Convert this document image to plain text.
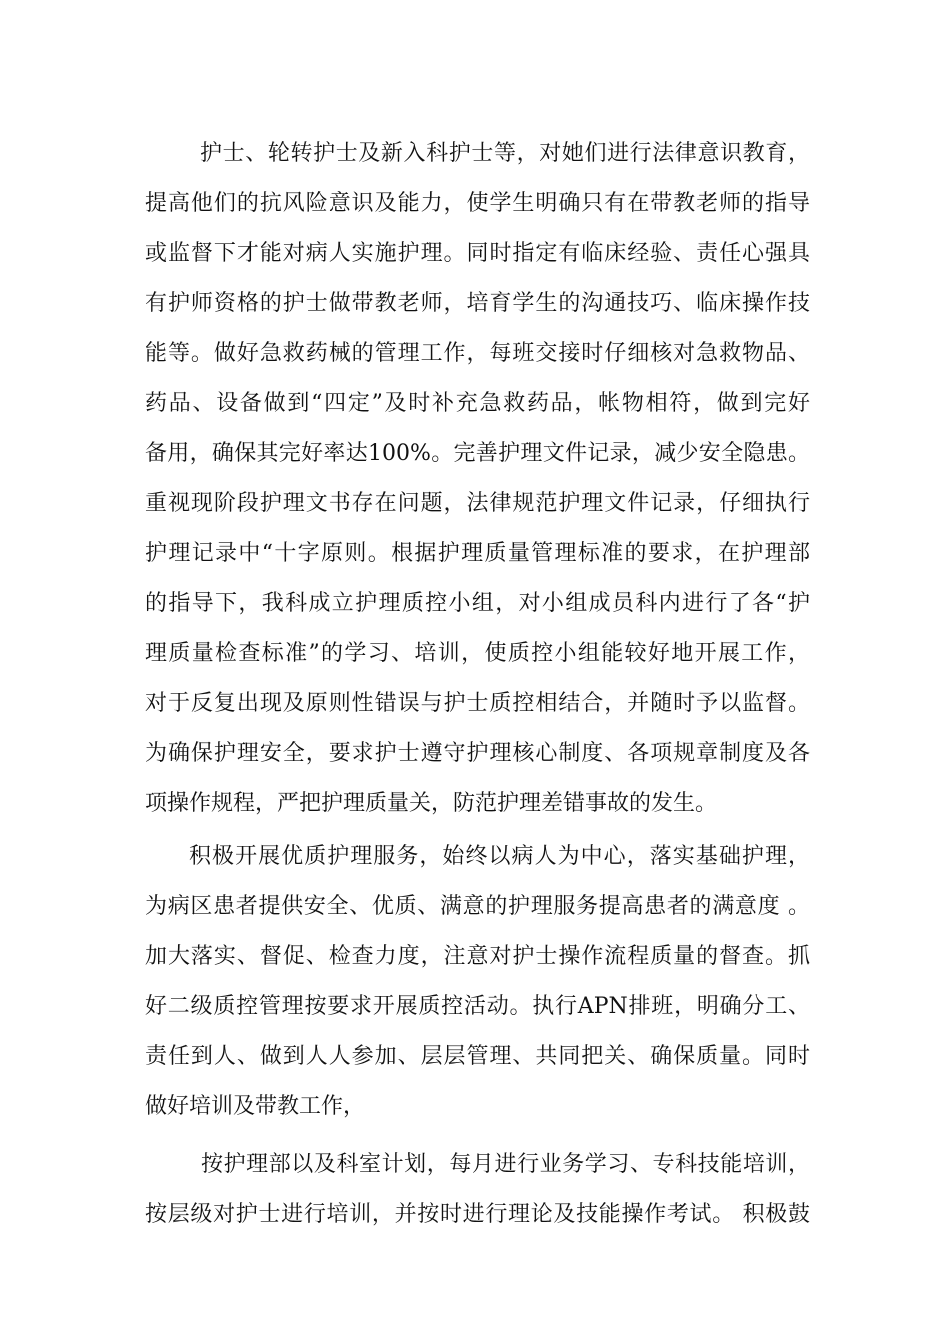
护士、轮转护士及新入科护士等，对她们进行法律意识教育，
提高他们的抗风险意识及能力，使学生明确只有在带教老师的指导
或监督下才能对病人实施护理。同时指定有临床经验、责任心强具
有护师资格的护士做带教老师，培育学生的沟通技巧、临床操作技
能等。做好急救药械的管理工作，每班交接时仔细核对急救物品、
药品、设备做到“四定”及时补充急救药品，帐物相符，做到完好
备用，确保其完好率达100%。完善护理文件记录，减少安全隐患。
重视现阶段护理文书存在问题，法律规范护理文件记录，仔细执行
护理记录中“十字原则。根据护理质量管理标准的要求，在护理部
的指导下，我科成立护理质控小组，对小组成员科内进行了各“护
理质量检查标准”的学习、培训，使质控小组能较好地开展工作，
对于反复出现及原则性错误与护士质控相结合，并随时予以监督。
为确保护理安全，要求护士遵守护理核心制度、各项规章制度及各
项操作规程，严把护理质量关，防范护理差错事故的发生。
积极开展优质护理服务，始终以病人为中心，落实基础护理，
为病区患者提供安全、优质、满意的护理服务提高患者的满意度 。
加大落实、督促、检查力度，注意对护士操作流程质量的督查。抓
好二级质控管理按要求开展质控活动。执行APN排班，明确分工、
责任到人、做到人人参加、层层管理、共同把关、确保质量。同时
做好培训及带教工作，
按护理部以及科室计划，每月进行业务学习、专科技能培训，
按层级对护士进行培训，并按时进行理论及技能操作考试。 积极鼓
